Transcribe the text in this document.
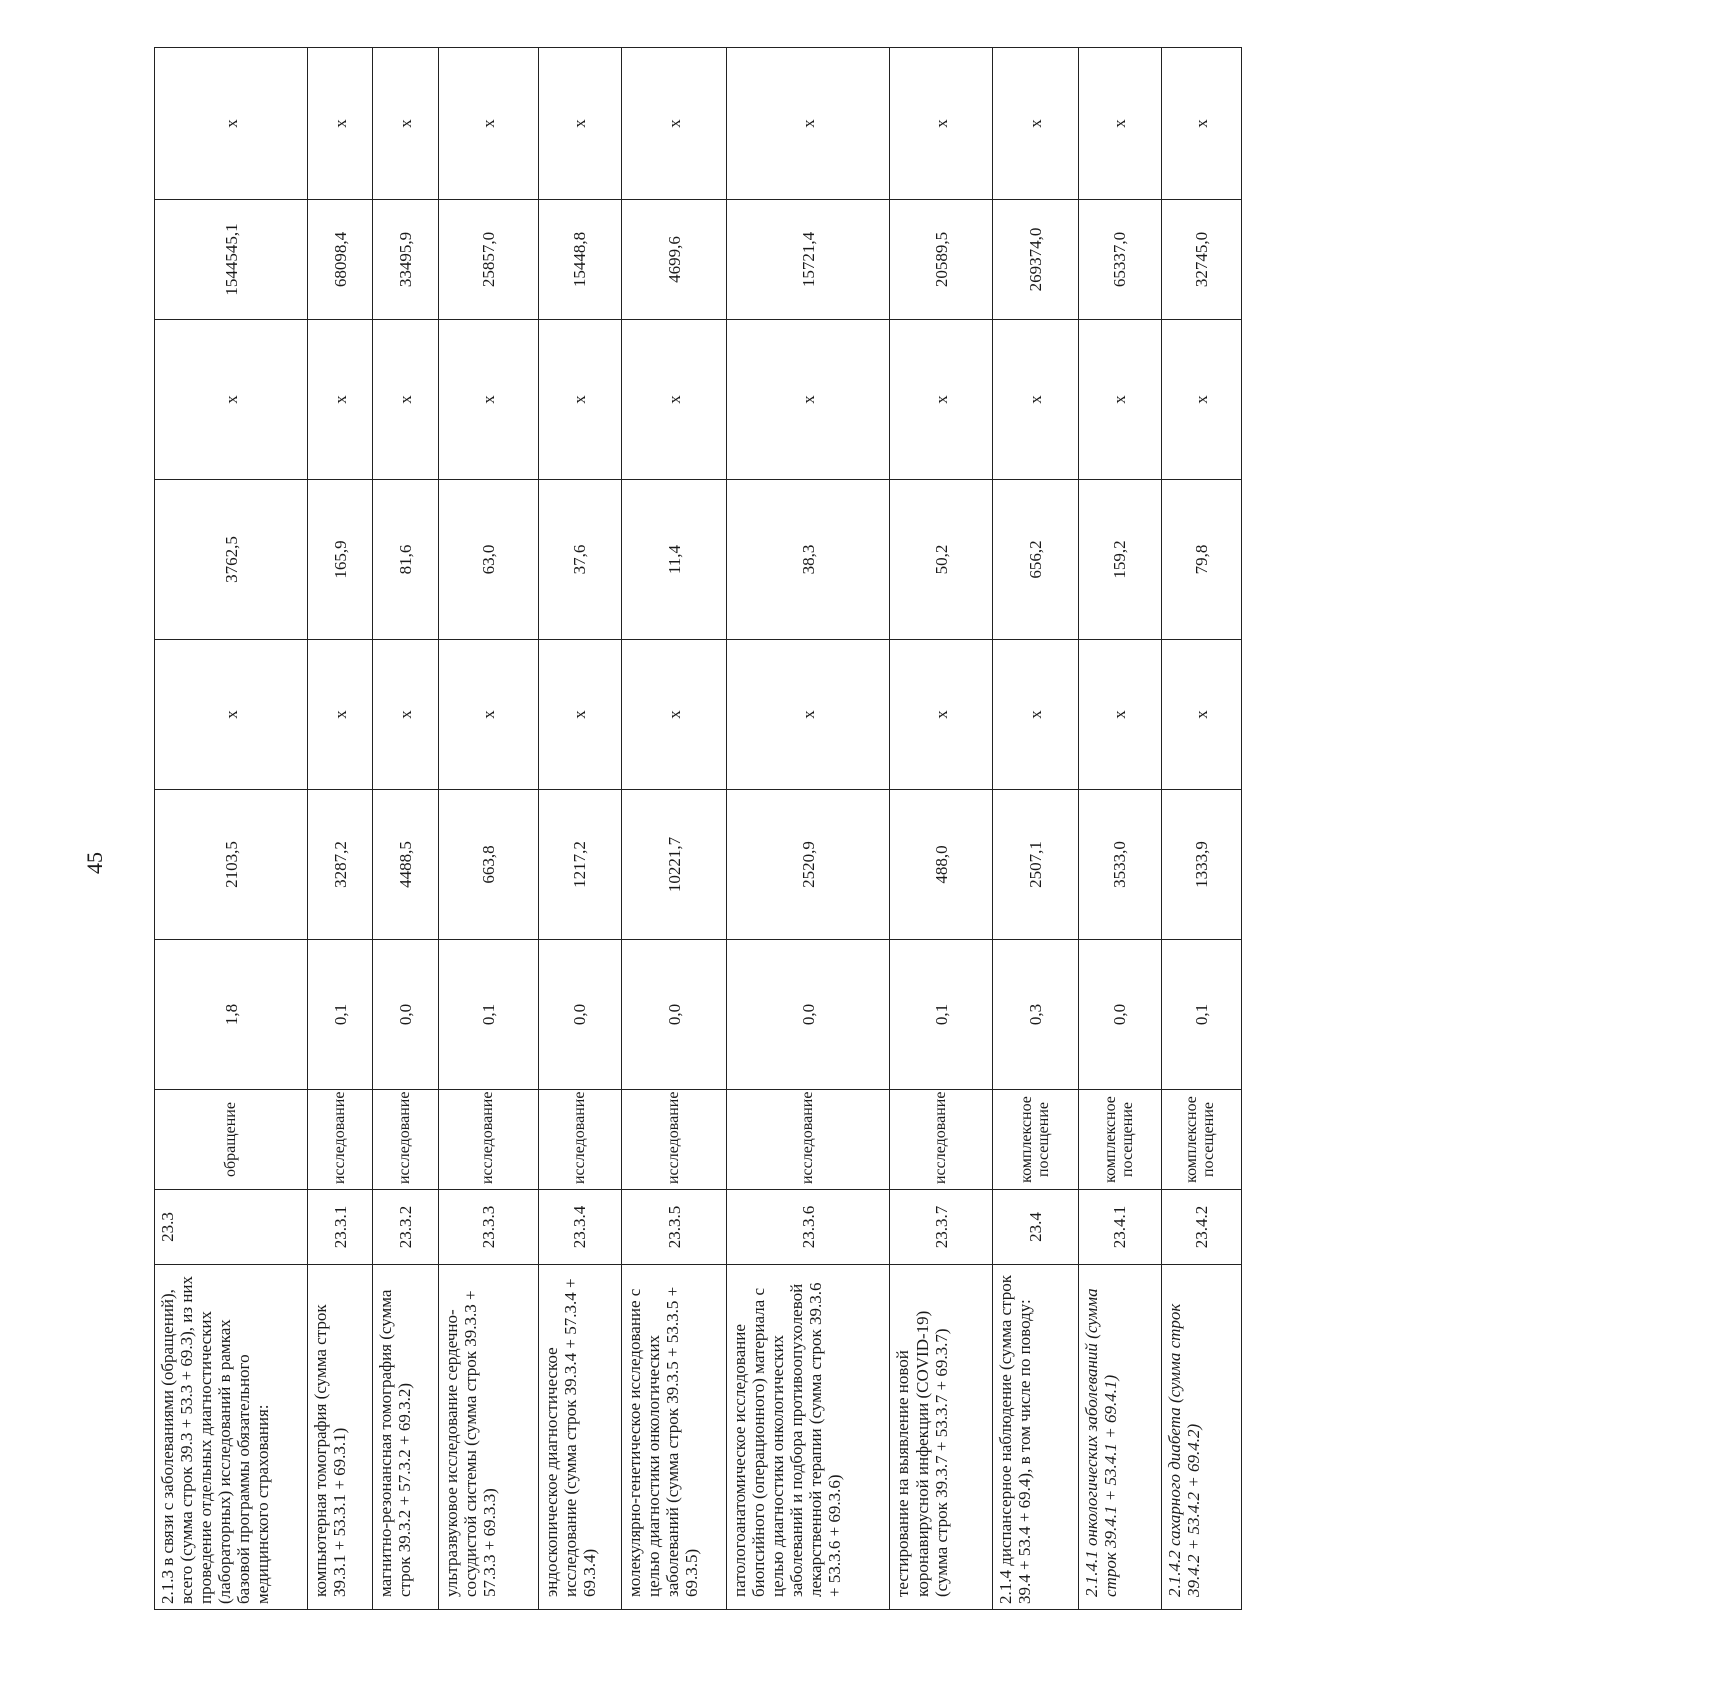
45
2.1.3 в связи с заболеваниями (обращений), всего (сумма строк 39.3 + 53.3 + 69.3), из них проведение отдельных диагностических (лабораторных) исследований в рамках базовой программы обязательного медицинского страхования:	23.3	обращение	1,8	2103,5	x	3762,5	x	1544545,1	x
компьютерная томография (сумма строк 39.3.1 + 53.3.1 + 69.3.1)	23.3.1	исследование	0,1	3287,2	x	165,9	x	68098,4	x
магнитно-резонансная томография (сумма строк 39.3.2 + 57.3.2 + 69.3.2)	23.3.2	исследование	0,0	4488,5	x	81,6	x	33495,9	x
ультразвуковое исследование сердечно-сосудистой системы (сумма строк 39.3.3 + 57.3.3 + 69.3.3)	23.3.3	исследование	0,1	663,8	x	63,0	x	25857,0	x
эндоскопическое диагностическое исследование (сумма строк 39.3.4 + 57.3.4 + 69.3.4)	23.3.4	исследование	0,0	1217,2	x	37,6	x	15448,8	x
молекулярно-генетическое исследование с целью диагностики онкологических заболеваний (сумма строк 39.3.5 + 53.3.5 + 69.3.5)	23.3.5	исследование	0,0	10221,7	x	11,4	x	4699,6	x
патологоанатомическое исследование биопсийного (операционного) материала с целью диагностики онкологических заболеваний и подбора противоопухолевой лекарственной терапии (сумма строк 39.3.6 + 53.3.6 + 69.3.6)	23.3.6	исследование	0,0	2520,9	x	38,3	x	15721,4	x
тестирование на выявление новой коронавирусной инфекции (COVID-19) (сумма строк 39.3.7 + 53.3.7 + 69.3.7)	23.3.7	исследование	0,1	488,0	x	50,2	x	20589,5	x
2.1.4 диспансерное наблюдение (сумма строк 39.4 + 53.4 + 69.4), в том числе по поводу:	23.4	комплексное посещение	0,3	2507,1	x	656,2	x	269374,0	x
2.1.4.1 онкологических заболеваний (сумма строк 39.4.1 + 53.4.1 + 69.4.1)	23.4.1	комплексное посещение	0,0	3533,0	x	159,2	x	65337,0	x
2.1.4.2 сахарного диабета (сумма строк 39.4.2 + 53.4.2 + 69.4.2)	23.4.2	комплексное посещение	0,1	1333,9	x	79,8	x	32745,0	x
